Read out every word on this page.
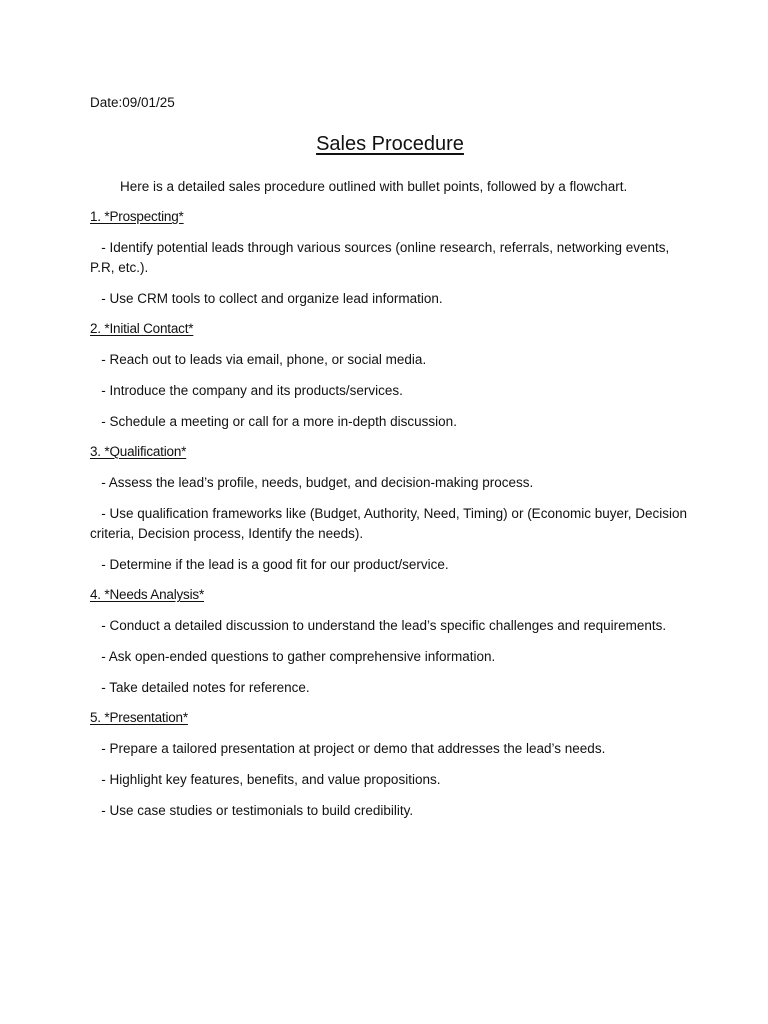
Date:09/01/25

Sales Procedure

Here is a detailed sales procedure outlined with bullet points, followed by a flowchart.

1. *Prospecting*

- Identify potential leads through various sources (online research, referrals, networking events, P.R, etc.).

- Use CRM tools to collect and organize lead information.

2. *Initial Contact*

- Reach out to leads via email, phone, or social media.

- Introduce the company and its products/services.

- Schedule a meeting or call for a more in-depth discussion.

3. *Qualification*

- Assess the lead’s profile, needs, budget, and decision-making process.

- Use qualification frameworks like (Budget, Authority, Need, Timing) or (Economic buyer, Decision criteria, Decision process, Identify the needs).

- Determine if the lead is a good fit for our product/service.

4. *Needs Analysis*

- Conduct a detailed discussion to understand the lead’s specific challenges and requirements.

- Ask open-ended questions to gather comprehensive information.

- Take detailed notes for reference.

5. *Presentation*

- Prepare a tailored presentation at project or demo that addresses the lead’s needs.

- Highlight key features, benefits, and value propositions.

- Use case studies or testimonials to build credibility.
